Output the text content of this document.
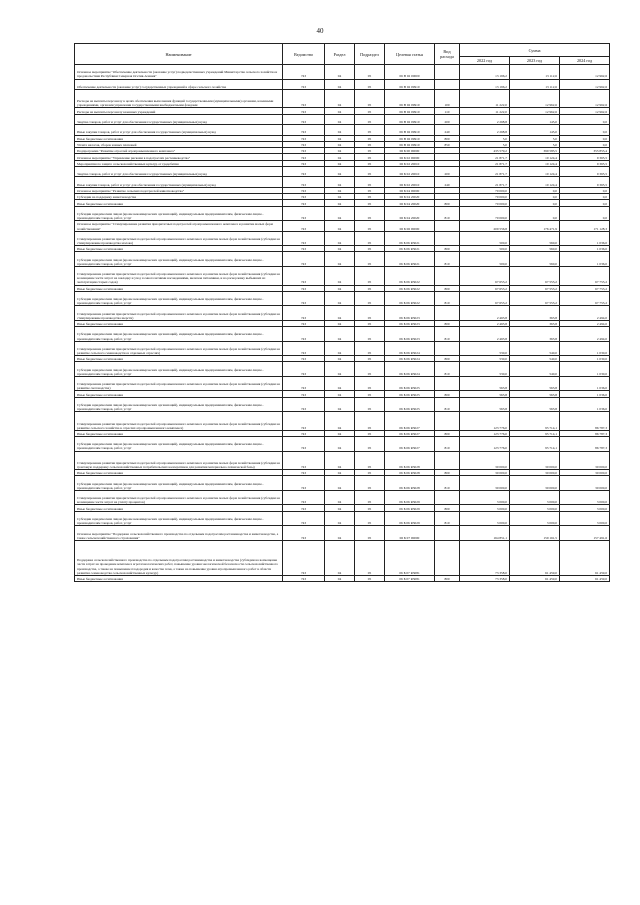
40
Наименование	Ведомство	Раздел	Подраздел	Целевая статья	Вид расхода	Сумма		
						2022 год	2023 год	2024 год
Основное мероприятие "Обеспечение деятельности (оказание услуг) подведомственных учреждений Министерства сельского хозяйства и продовольствия Республики Северная Осетия-Алания"	743	04	05	06 В 02 00000		13 196,2	13 112,6	12 962,6
Обеспечение деятельности (оказание услуг) государственных учреждений в сфере сельского хозяйства	743	04	05	06 В 02 09910		13 196,2	13 112,6	12 962,6
Расходы на выплаты персоналу в целях обеспечения выполнения функций государственными (муниципальными) органами, казенными учреждениями, органами управления государственными внебюджетными фондами	743	04	05	06 В 02 09910	100	11 222,0	12 962,6	12 962,6
Расходы на выплаты персоналу казенных учреждений	743	04	05	06 В 02 09910	110	11 222,0	12 962,6	12 962,6
Закупка товаров, работ и услуг для обеспечения государственных (муниципальных) нужд	743	04	05	06 В 02 09910	200	2 268,8	145,0	0,0
Иные закупки товаров, работ и услуг для обеспечения государственных (муниципальных) нужд	743	04	05	06 В 02 09910	240	2 268,8	145,0	0,0
Иные бюджетные ассигнования	743	04	05	06 В 02 09910	800	5,0	5,0	0,0
Уплата налогов, сборов и иных платежей	743	04	05	06 В 02 09910	850	5,0	5,0	0,0
Подпрограмма "Развитие отраслей агропромышленного комплекса"	743	04	05	06 Б 00 00000		435 579,2	399 583,5	355 853,4
Основное мероприятие "Управление рисками в подотраслях растениеводства"	743	04	05	06 Б 02 00000		21 871,7	10 124,4	9 365,5
Мероприятия по защите сельскохозяйственных культур от градобития	743	04	05	06 Б 02 20010		21 871,7	10 124,4	9 365,5
Закупка товаров, работ и услуг для обеспечения государственных (муниципальных) нужд	743	04	05	06 Б 02 20010	200	21 871,7	10 124,4	9 365,5
Иные закупки товаров, работ и услуг для обеспечения государственных (муниципальных) нужд	743	04	05	06 Б 02 20010	240	21 871,7	10 124,4	9 365,5
Основное мероприятие "Развитие сельских подотраслей животноводства"	743	04	05	06 Б 04 00000		70 000,0	0,0	0,0
Субсидии на поддержку животноводства	743	04	05	06 Б 04 20020		70 000,0	0,0	0,0
Иные бюджетные ассигнования	743	04	05	06 Б 04 20020	800	70 000,0	0,0	0,0
Субсидии юридическим лицам (кроме некоммерческих организаций), индивидуальным предпринимателям, физическим лицам - производителям товаров, работ, услуг	743	04	05	06 Б 04 20020	810	70 000,0	0,0	0,0
Основное мероприятие "Стимулирование развития приоритетных подотраслей агропромышленного комплекса и развитие малых форм хозяйствования"	743	04	05	06 Б 06 00000		209 556,8	176 471,9	171 128,3
Стимулирование развития приоритетных подотраслей агропромышленного комплекса и развитие малых форм хозяйствования (субсидии на стимулирование производства молока)	743	04	05	06 Б 06 R5021		500,0	560,0	1 036,0
Иные бюджетные ассигнования	743	04	05	06 Б 06 R5021	800	500,0	560,0	1 036,0
Субсидии юридическим лицам (кроме некоммерческих организаций), индивидуальным предпринимателям, физическим лицам - производителям товаров, работ, услуг	743	04	05	06 Б 06 R5021	810	500,0	560,0	1 036,0
Стимулирование развития приоритетных подотраслей агропромышленного комплекса и развитие малых форм хозяйствования (субсидии на возмещение части затрат на закладку и уход за многолетними насаждениями, включая питомники, и на раскорчевку выбывших из эксплуатации старых садов)	743	04	05	06 Б 06 R5022		67 653,2	67 553,2	67 753,2
Иные бюджетные ассигнования	743	04	05	06 Б 06 R5022	800	67 653,2	67 553,2	67 753,2
Субсидии юридическим лицам (кроме некоммерческих организаций), индивидуальным предпринимателям, физическим лицам - производителям товаров, работ, услуг	743	04	05	06 Б 06 R5022	810	67 653,2	67 553,2	67 753,2
Стимулирование развития приоритетных подотраслей агропромышленного комплекса и развитие малых форм хозяйствования (субсидии на стимулирование производства шерсти)	743	04	05	06 Б 06 R5023		2 463,8	363,8	2 494,0
Иные бюджетные ассигнования	743	04	05	06 Б 06 R5023	800	2 463,8	363,8	2 494,0
Субсидии юридическим лицам (кроме некоммерческих организаций), индивидуальным предпринимателям, физическим лицам - производителям товаров, работ, услуг	743	04	05	06 Б 06 R5023	810	2 463,8	363,8	2 494,0
Стимулирование развития приоритетных подотраслей агропромышленного комплекса и развитие малых форм хозяйствования (субсидии на развитие сельского семеноводства в отдельных отраслях)	743	04	05	06 Б 06 R5024		530,0	540,0	1 030,0
Иные бюджетные ассигнования	743	04	05	06 Б 06 R5024	800	530,0	540,0	1 030,0
Субсидии юридическим лицам (кроме некоммерческих организаций), индивидуальным предпринимателям, физическим лицам - производителям товаров, работ, услуг	743	04	05	06 Б 06 R5024	810	530,0	540,0	1 030,0
Стимулирование развития приоритетных подотраслей агропромышленного комплекса и развитие малых форм хозяйствования (субсидии на развитие скотоводства)	743	04	05	06 Б 06 R5025		563,8	563,8	1 036,0
Иные бюджетные ассигнования	743	04	05	06 Б 06 R5025	800	563,8	563,8	1 036,0
Субсидии юридическим лицам (кроме некоммерческих организаций), индивидуальным предпринимателям, физическим лицам - производителям товаров, работ, услуг	743	04	05	06 Б 06 R5025	810	563,8	563,8	1 036,0
Стимулирование развития приоритетных подотраслей агропромышленного комплекса и развитие малых форм хозяйствования (субсидии на развитие сельского хозяйства в отраслях агропромышленного комплекса)	743	04	05	06 Б 06 R5027		123 776,0	95 714,1	86 787,3
Иные бюджетные ассигнования	743	04	05	06 Б 06 R5027	800	123 776,0	95 714,1	86 787,3
Субсидии юридическим лицам (кроме некоммерческих организаций), индивидуальным предпринимателям, физическим лицам - производителям товаров, работ, услуг	743	04	05	06 Б 06 R5027	810	123 776,0	95 714,1	86 787,3
Стимулирование развития приоритетных подотраслей агропромышленного комплекса и развитие малых форм хозяйствования (субсидии на грантовую поддержку сельскохозяйственных потребительских кооперативов для развития материально-технической базы)	743	04	05	06 Б 06 R5028		30 000,0	30 000,0	30 000,0
Иные бюджетные ассигнования	743	04	05	06 Б 06 R5028	800	30 000,0	30 000,0	30 000,0
Субсидии юридическим лицам (кроме некоммерческих организаций), индивидуальным предпринимателям, физическим лицам - производителям товаров, работ, услуг	743	04	05	06 Б 06 R5028	810	30 000,0	30 000,0	30 000,0
Стимулирование развития приоритетных подотраслей агропромышленного комплекса и развитие малых форм хозяйствования (субсидии на возмещение части затрат на уплату процентов)	743	04	05	06 Б 06 R5029		3 000,0	3 000,0	3 000,0
Иные бюджетные ассигнования	743	04	05	06 Б 06 R5029	800	3 000,0	3 000,0	3 000,0
Субсидии юридическим лицам (кроме некоммерческих организаций), индивидуальным предпринимателям, физическим лицам - производителям товаров, работ, услуг	743	04	05	06 Б 06 R5029	810	3 000,0	3 000,0	3 000,0
Основное мероприятие "Поддержка сельскохозяйственного производства по отдельным подотраслям растениеводства и животноводства, а также сельскохозяйственного страхования"	743	04	05	06 Б 07 00000		164 851,1	159 161,5	157 491,6
Поддержка сельскохозяйственного производства по отдельным подотраслям растениеводства и животноводства (субсидии на возмещение части затрат на проведение комплекса агротехнологических работ, повышение уровня экологической безопасности сельскохозяйственного производства, а также на повышение плодородия и качества почв, а также на повышение уровня агропромышленного работ в области развития семеноводства сельскохозяйственных культур)	743	04	05	06 Б 07 R5081		73 358,0	61 459,0	61 459,0
Иные бюджетные ассигнования	743	04	05	06 Б 07 R5081	800	73 358,0	61 459,0	61 459,0
